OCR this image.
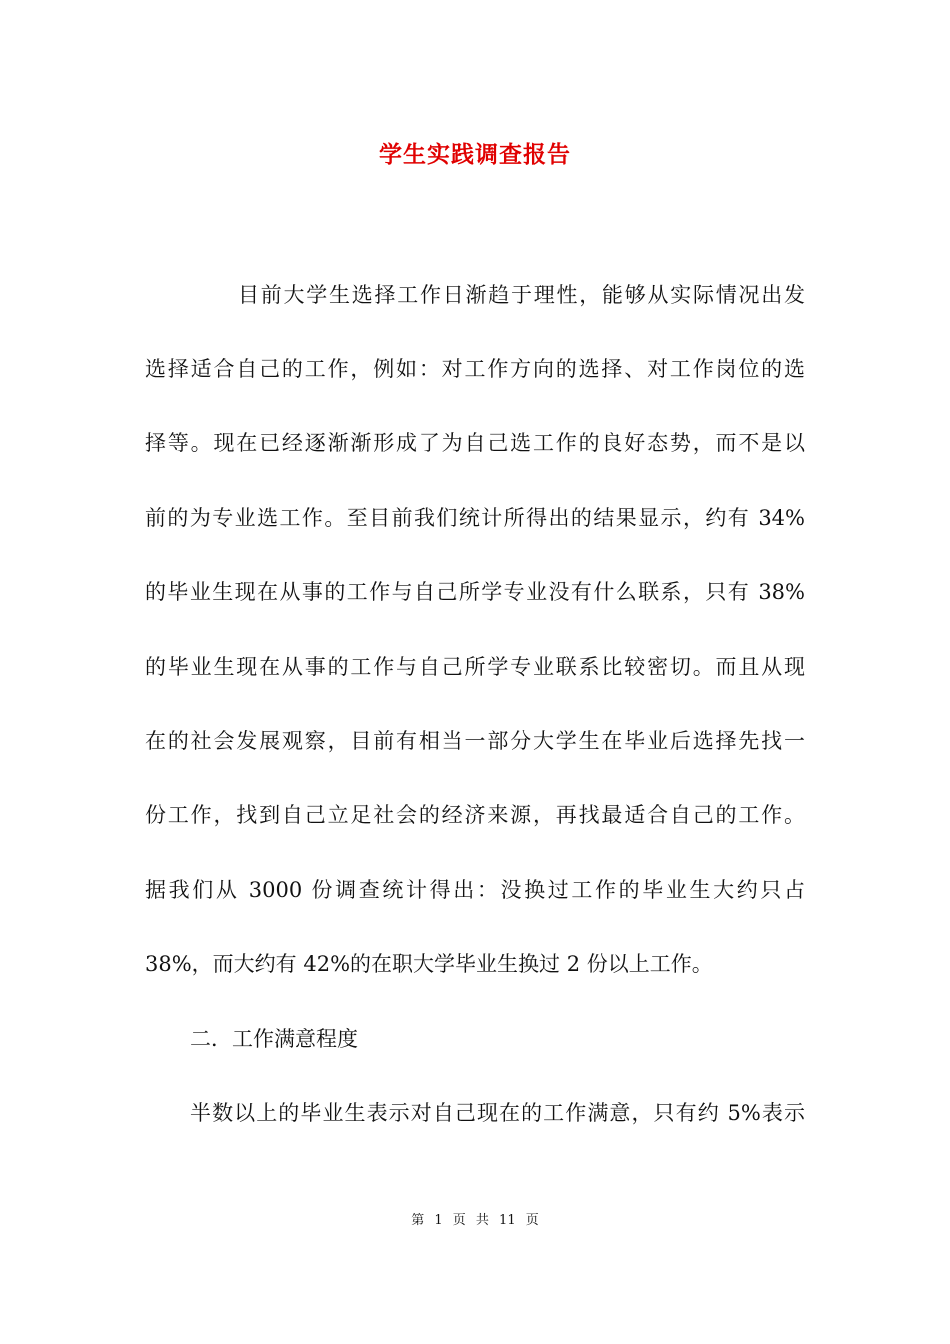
学生实践调查报告
目前大学生选择工作日渐趋于理性，能够从实际情况出发
选择适合自己的工作，例如：对工作方向的选择、对工作岗位的选
择等。现在已经逐渐渐形成了为自己选工作的良好态势，而不是以
前的为专业选工作。至目前我们统计所得出的结果显示，约有 34%
的毕业生现在从事的工作与自己所学专业没有什么联系，只有 38%
的毕业生现在从事的工作与自己所学专业联系比较密切。而且从现
在的社会发展观察，目前有相当一部分大学生在毕业后选择先找一
份工作，找到自己立足社会的经济来源，再找最适合自己的工作。
据我们从 3000 份调查统计得出：没换过工作的毕业生大约只占
38%，而大约有 42%的在职大学毕业生换过 2 份以上工作。
二．工作满意程度
半数以上的毕业生表示对自己现在的工作满意，只有约 5%表示
第 1 页 共 11 页
